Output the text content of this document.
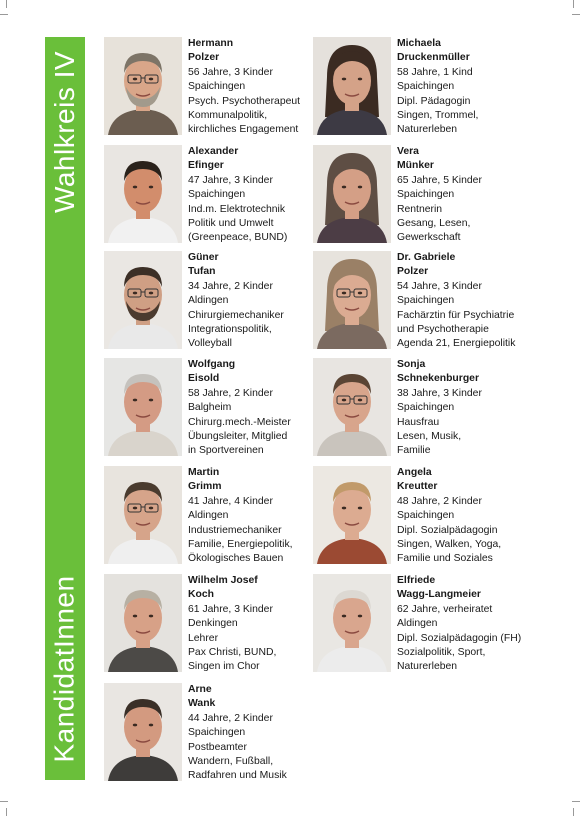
Wahlkreis IV
KandidatInnen
Hermann
Polzer
56 Jahre, 3 Kinder
Spaichingen
Psych. Psychotherapeut
Kommunalpolitik,
kirchliches Engagement
Alexander
Efinger
47 Jahre, 3 Kinder
Spaichingen
Ind.m. Elektrotechnik
Politik und Umwelt
(Greenpeace, BUND)
Güner
Tufan
34 Jahre, 2 Kinder
Aldingen
Chirurgiemechaniker
Integrationspolitik,
Volleyball
Wolfgang
Eisold
58 Jahre, 2 Kinder
Balgheim
Chirurg.mech.-Meister
Übungsleiter, Mitglied
in Sportvereinen
Martin
Grimm
41 Jahre, 4 Kinder
Aldingen
Industriemechaniker
Familie, Energiepolitik,
Ökologisches Bauen
Wilhelm Josef
Koch
61 Jahre, 3 Kinder
Denkingen
Lehrer
Pax Christi, BUND,
Singen im Chor
Arne
Wank
44 Jahre, 2 Kinder
Spaichingen
Postbeamter
Wandern, Fußball,
Radfahren und Musik
Michaela
Druckenmüller
58 Jahre, 1 Kind
Spaichingen
Dipl. Pädagogin
Singen, Trommel,
Naturerleben
Vera
Münker
65 Jahre, 5 Kinder
Spaichingen
Rentnerin
Gesang, Lesen,
Gewerkschaft
Dr. Gabriele
Polzer
54 Jahre, 3 Kinder
Spaichingen
Fachärztin für Psychiatrie
und Psychotherapie
Agenda 21, Energiepolitik
Sonja
Schnekenburger
38 Jahre, 3 Kinder
Spaichingen
Hausfrau
Lesen, Musik,
Familie
Angela
Kreutter
48 Jahre, 2 Kinder
Spaichingen
Dipl. Sozialpädagogin
Singen, Walken, Yoga,
Familie und Soziales
Elfriede
Wagg-Langmeier
62 Jahre, verheiratet
Aldingen
Dipl. Sozialpädagogin (FH)
Sozialpolitik, Sport,
Naturerleben
